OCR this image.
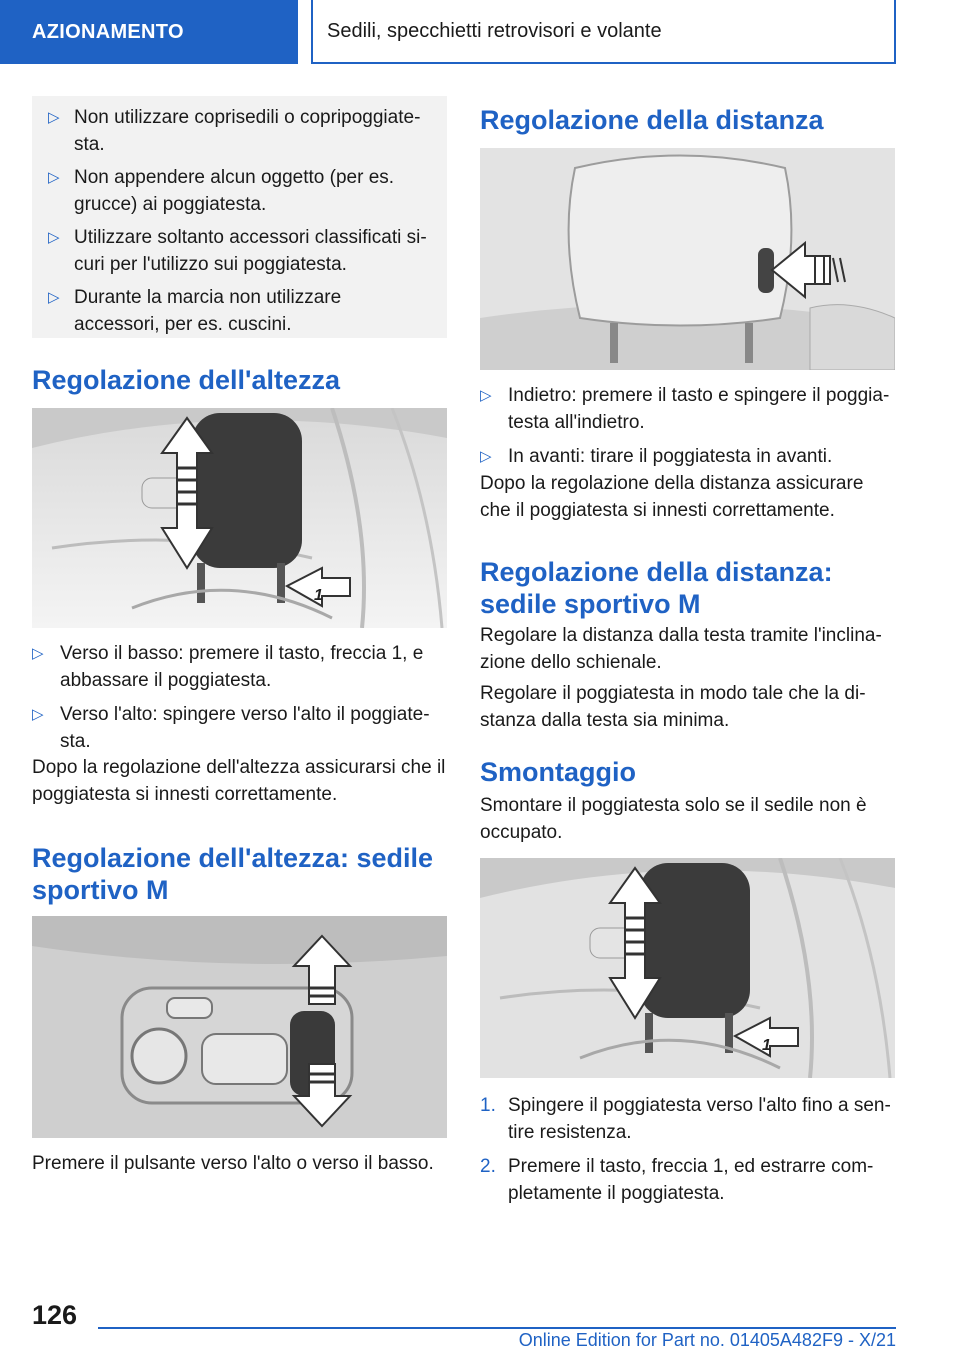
AZIONAMENTO	Sedili, specchietti retrovisori e volante
▷ Non utilizzare coprisedili o copripoggiatesta.
▷ Non appendere alcun oggetto (per es. grucce) ai poggiatesta.
▷ Utilizzare soltanto accessori classificati sicuri per l'utilizzo sui poggiatesta.
▷ Durante la marcia non utilizzare accessori, per es. cuscini.
Regolazione dell'altezza
1
▷ Verso il basso: premere il tasto, freccia 1, e abbassare il poggiatesta.
▷ Verso l'alto: spingere verso l'alto il poggiatesta.
Dopo la regolazione dell'altezza assicurarsi che il poggiatesta si innesti correttamente.
Regolazione dell'altezza: sedile sportivo M
Premere il pulsante verso l'alto o verso il basso.
Regolazione della distanza
▷ Indietro: premere il tasto e spingere il poggiatesta all'indietro.
▷ In avanti: tirare il poggiatesta in avanti.
Dopo la regolazione della distanza assicurare che il poggiatesta si innesti correttamente.
Regolazione della distanza: sedile sportivo M
Regolare la distanza dalla testa tramite l'inclinazione dello schienale.
Regolare il poggiatesta in modo tale che la distanza dalla testa sia minima.
Smontaggio
Smontare il poggiatesta solo se il sedile non è occupato.
1
1. Spingere il poggiatesta verso l'alto fino a sentire resistenza.
2. Premere il tasto, freccia 1, ed estrarre completamente il poggiatesta.
126
Online Edition for Part no. 01405A482F9 - X/21
